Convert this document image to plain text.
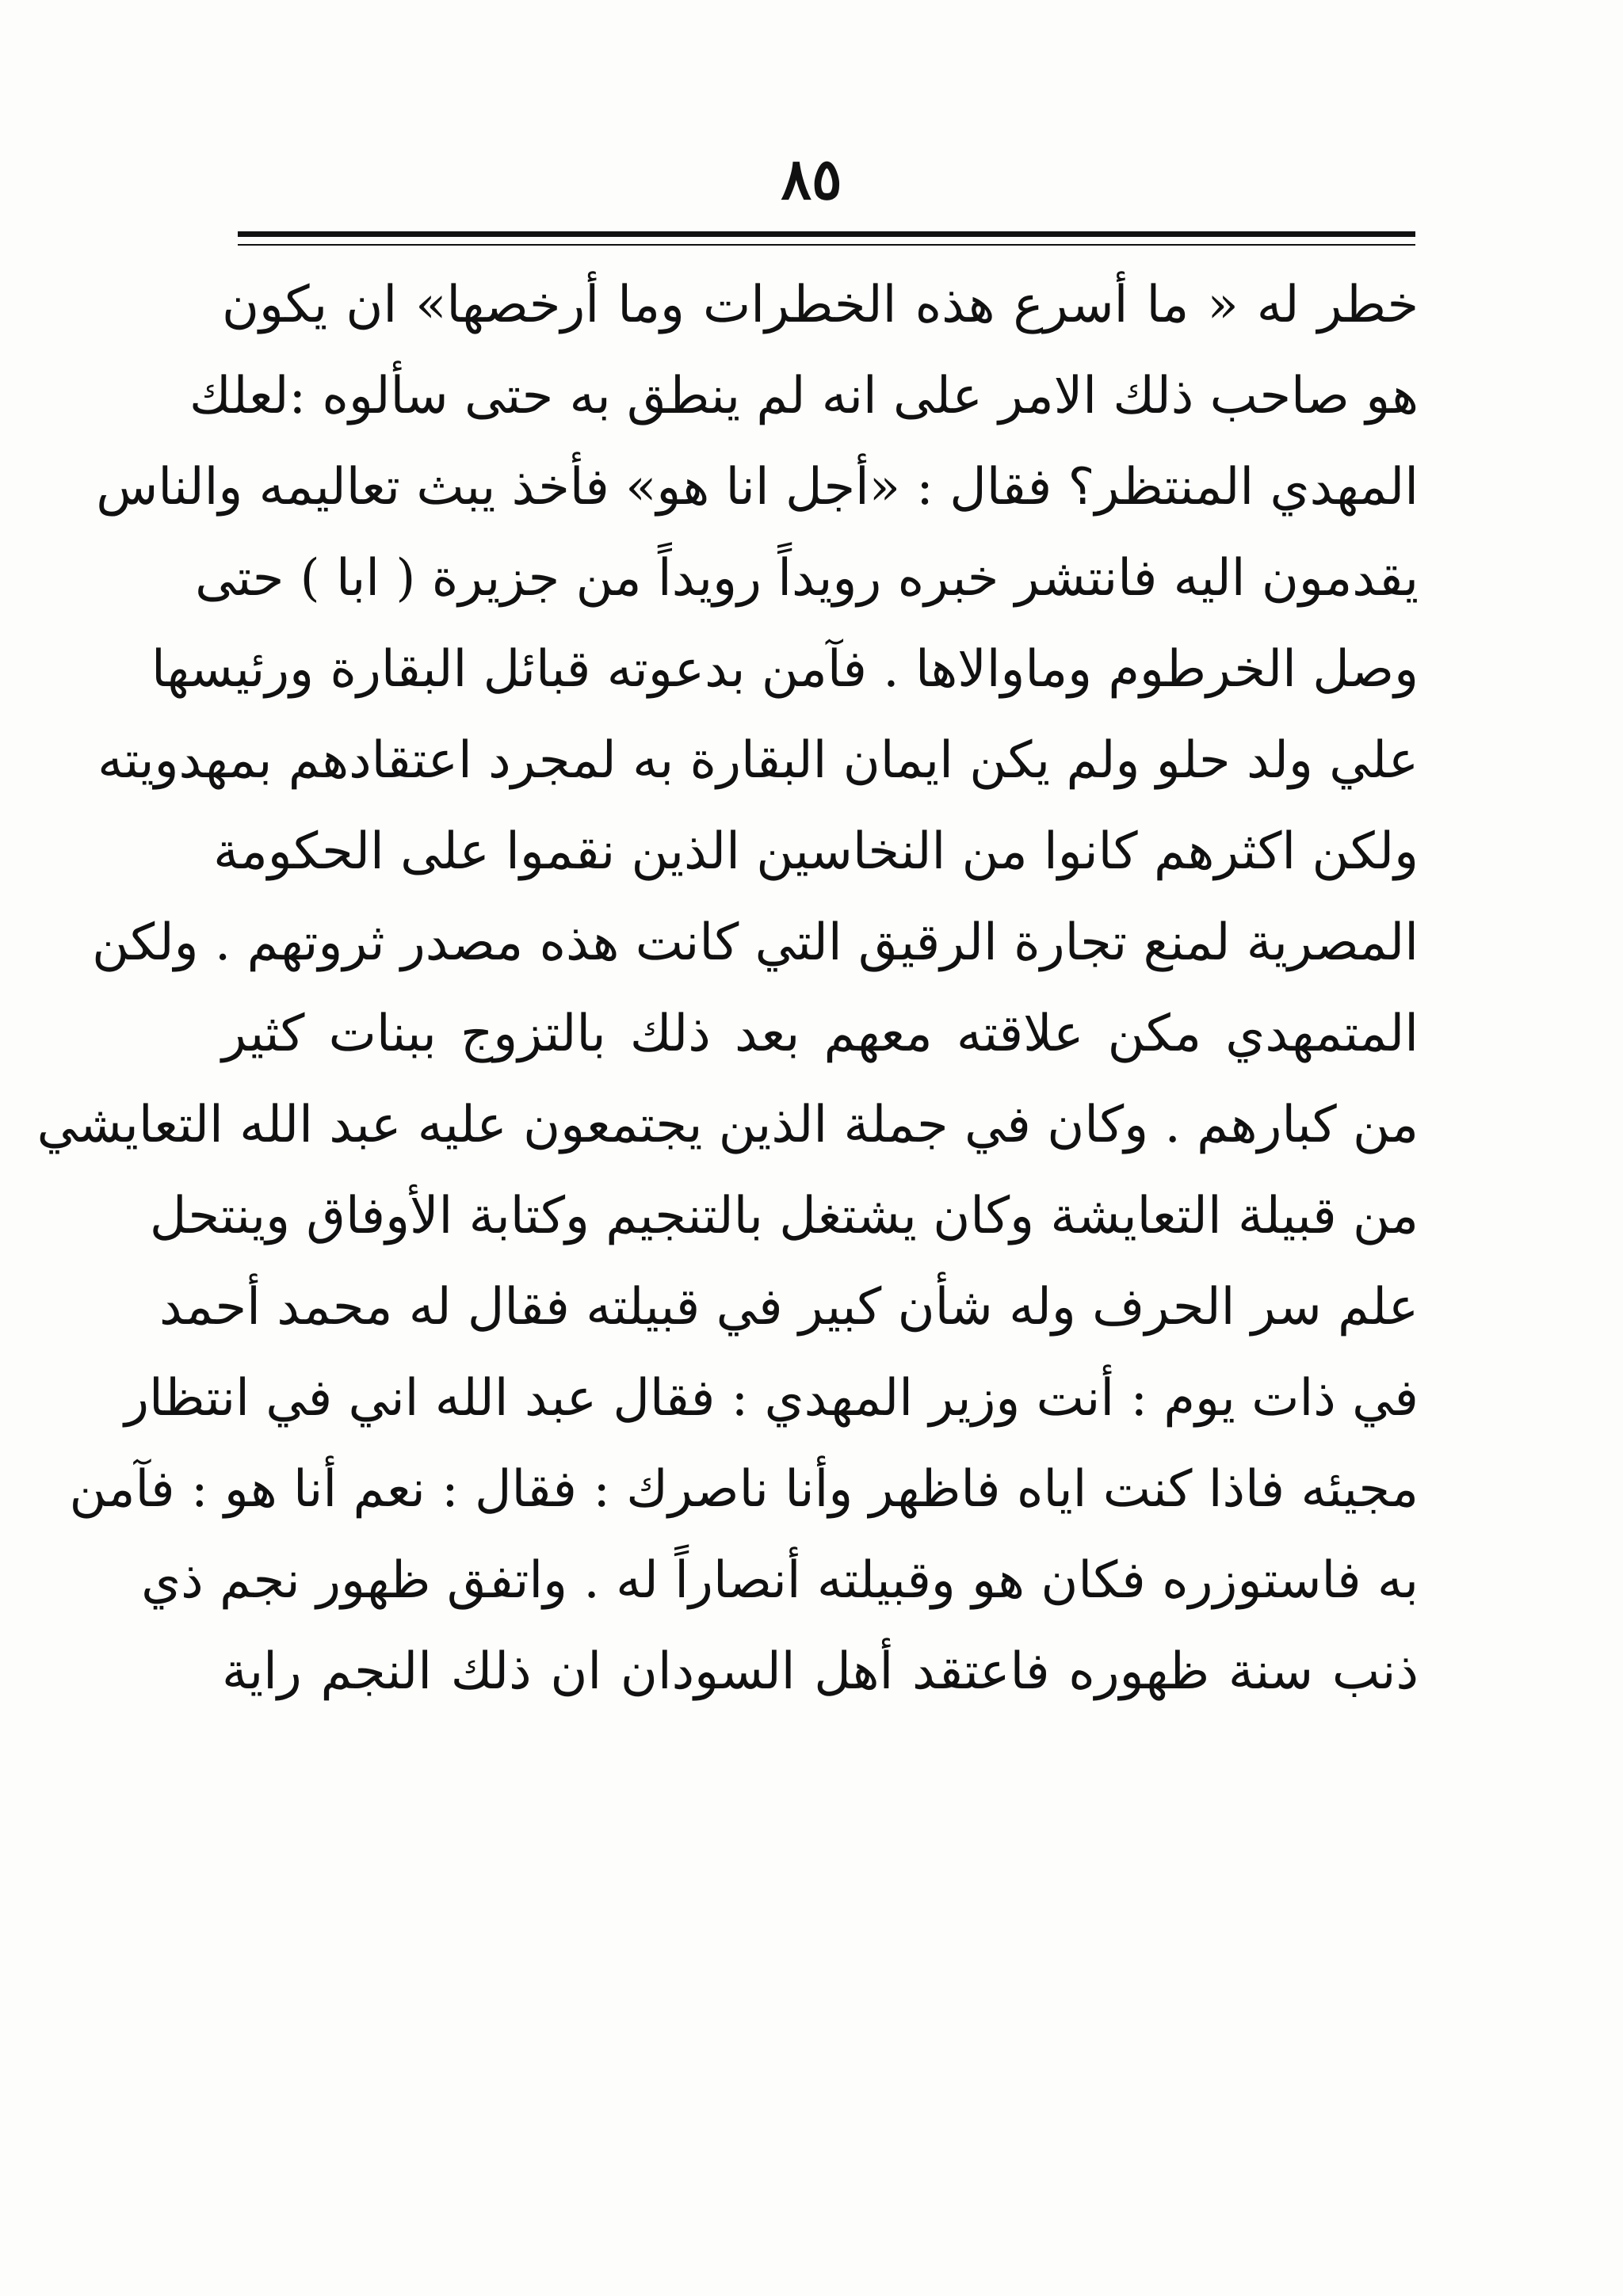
٨٥
خطر له « ما أسرع هذه الخطرات وما أرخصها» ان يكون
هو صاحب ذلك الامر على انه لم ينطق به حتى سألوه :لعلك
المهدي المنتظر؟ فقال : «أجل انا هو» فأخذ يبث تعاليمه والناس
يقدمون اليه فانتشر خبره رويداً رويداً من جزيرة ( ابا ) حتى
وصل الخرطوم وماوالاها . فآمن بدعوته قبائل البقارة ورئيسها
علي ولد حلو ولم يكن ايمان البقارة به لمجرد اعتقادهم بمهدويته
ولكن اكثرهم كانوا من النخاسين الذين نقموا على الحكومة
المصرية لمنع تجارة الرقيق التي كانت هذه مصدر ثروتهم . ولكن
المتمهدي مكن علاقته معهم بعد ذلك بالتزوج ببنات كثير
من كبارهم . وكان في جملة الذين يجتمعون عليه عبد الله التعايشي
من قبيلة التعايشة وكان يشتغل بالتنجيم وكتابة الأوفاق وينتحل
علم سر الحرف وله شأن كبير في قبيلته فقال له محمد أحمد
في ذات يوم : أنت وزير المهدي : فقال عبد الله اني في انتظار
مجيئه فاذا كنت اياه فاظهر وأنا ناصرك : فقال : نعم أنا هو : فآمن
به فاستوزره فكان هو وقبيلته أنصاراً له . واتفق ظهور نجم ذي
ذنب سنة ظهوره فاعتقد أهل السودان ان ذلك النجم راية
